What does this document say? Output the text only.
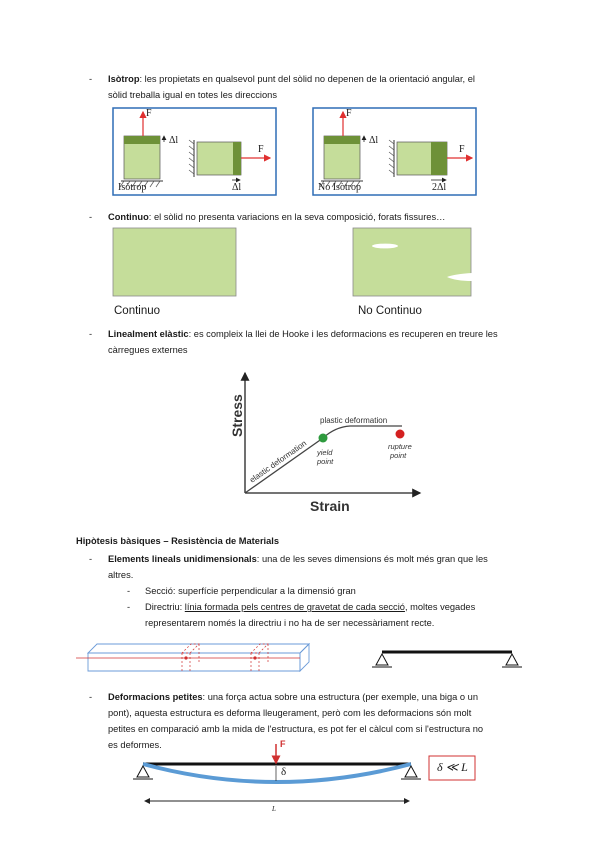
- Isòtrop: les propietats en qualsevol punt del sòlid no depenen de la orientació angular, el
sòlid treballa igual en totes les direccions
F
Δl
F
Isòtrop	Δl
F
Δl
F
No Isòtrop	2Δl
- Continuo: el sòlid no presenta variacions en la seva composició, forats fissures…
Continuo	No Continuo
- Linealment elàstic: es compleix la llei de Hooke i les deformacions es recuperen en treure les
càrregues externes
Stress
Strain
elastic deformation
plastic deformation
yield
point
rupture
point
Hipòtesis bàsiques – Resistència de Materials
- Elements lineals unidimensionals: una de les seves dimensions és molt més gran que les
altres.
- Secció: superfície perpendicular a la dimensió gran
- Directriu: línia formada pels centres de gravetat de cada secció, moltes vegades
representarem només la directriu i no ha de ser necessàriament recte.
- Deformacions petites: una força actua sobre una estructura (per exemple, una biga o un
pont), aquesta estructura es deforma lleugerament, però com les deformacions són molt
petites en comparació amb la mida de l'estructura, es pot fer el càlcul com si l'estructura no
es deformes.	F
δ	δ ≪ L
L
